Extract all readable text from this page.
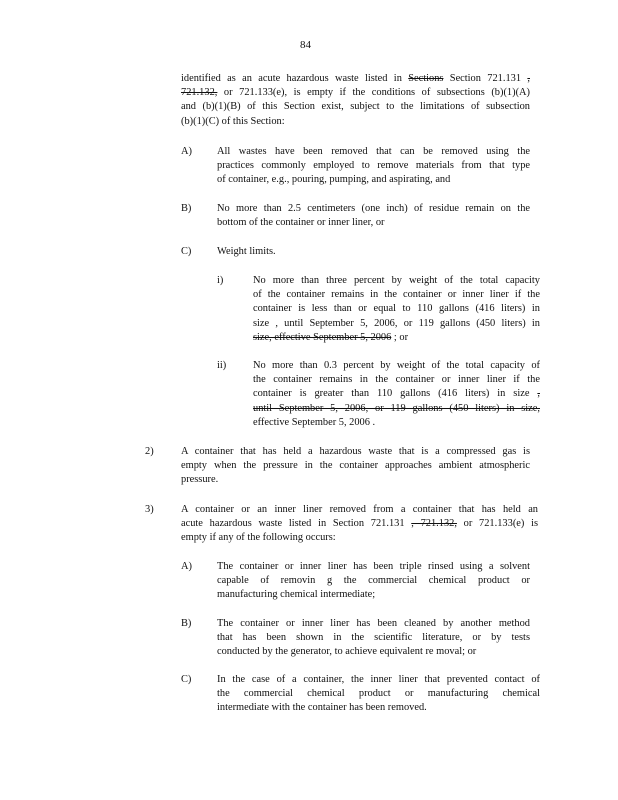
84
identified as an acute hazardous waste listed in Sections Section 721.131 ,
721.132, or 721.133(e), is empty if the conditions of subsections (b)(1)(A)
and (b)(1)(B) of this Section exist, subject to the limitations of subsection
(b)(1)(C) of this Section:
A) All wastes have been removed that can be removed using the
practices commonly employed to remove materials from that type
of container, e.g., pouring, pumping, and aspirating, and
B) No more than 2.5 centimeters (one inch) of residue remain on the
bottom of the container or inner liner, or
C) Weight limits.
i)	No more than three percent by weight of the total capacity
of the container remains in the container or inner liner if the
container is less than or equal to 110 gallons (416 liters) in
size , until September 5, 2006, or 119 gallons (450 liters) in
size, effective September 5, 2006 ; or
ii)	No more than 0.3 percent by weight of the total capacity of
the container remains in the container or inner liner if the
container is greater than 110 gallons (416 liters) in size ,
until September 5, 2006, or 119 gallons (450 liters) in size,
effective September 5, 2006 .
2)	A container that has held a hazardous waste that is a compressed gas is
empty when the pressure in the container approaches ambient atmospheric
pressure.
3)	A container or an inner liner removed from a container that has held an
acute hazardous waste listed in Section 721.131 , 721.132, or 721.133(e) is
empty if any of the following occurs:
A) The container or inner liner has been triple rinsed using a solvent
capable of removin g the commercial chemical product or
manufacturing chemical intermediate;
B) The container or inner liner has been cleaned by another method
that has been shown in the scientific literature, or by tests
conducted by the generator, to achieve equivalent re moval; or
C) In the case of a container, the inner liner that prevented contact of
the commercial chemical product or manufacturing chemical
intermediate with the container has been removed.
